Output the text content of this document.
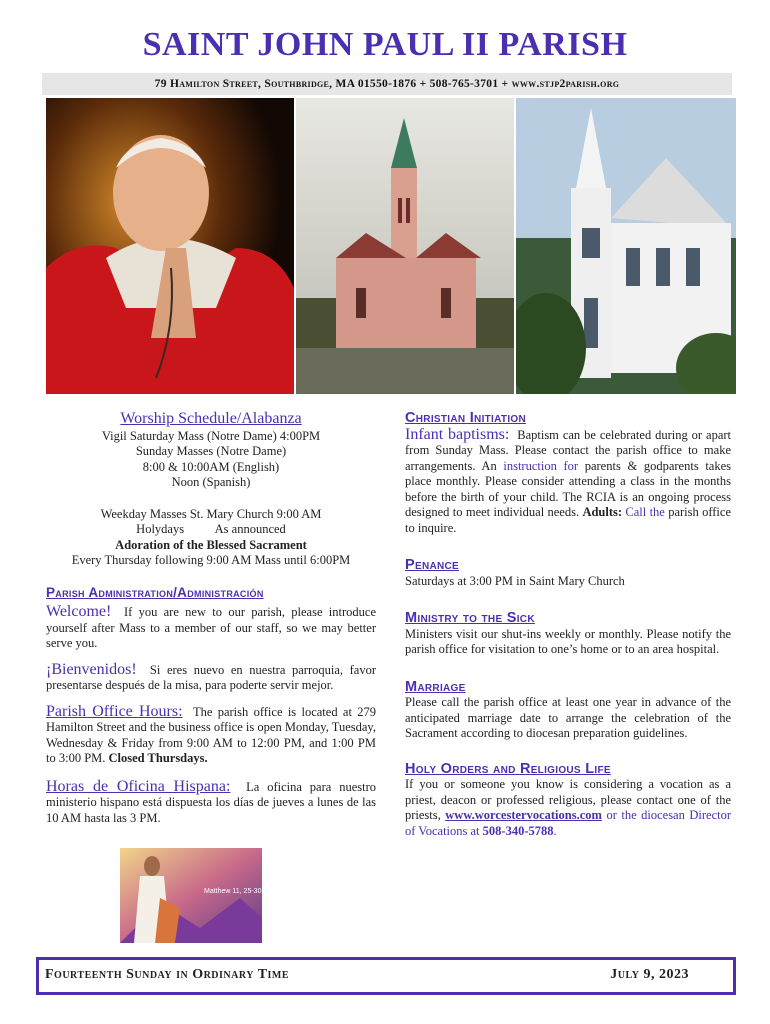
SAINT JOHN PAUL II PARISH
79 Hamilton Street, Southbridge, MA 01550-1876 + 508-765-3701 + www.stjp2parish.org
Worship Schedule/Alabanza
Vigil Saturday Mass (Notre Dame) 4:00PM
Sunday Masses (Notre Dame)
8:00 & 10:00AM (English)
Noon (Spanish)
Weekday Masses St. Mary Church 9:00 AM
Holydays          As announced
Adoration of the Blessed Sacrament
Every Thursday following 9:00 AM Mass until 6:00PM
Parish Administration/Administración
Welcome! If you are new to our parish, please introduce yourself after Mass to a member of our staff, so we may better serve you.
¡Bienvenidos! Si eres nuevo en nuestra parroquia, favor presentarse después de la misa, para poderte servir mejor.
Parish Office Hours: The parish office is located at 279 Hamilton Street and the business office is open Monday, Tuesday, Wednesday & Friday from 9:00 AM to 12:00 PM, and 1:00 PM to 3:00 PM. Closed Thursdays.
Horas de Oficina Hispana: La oficina para nuestro ministerio hispano está dispuesta los días de jueves a lunes de las 10 AM hasta las 3 PM.
Matthew 11, 25-30
Christian Initiation
Infant baptisms: Baptism can be celebrated during or apart from Sunday Mass. Please contact the parish office to make arrangements. An instruction for parents & godparents takes place monthly. Please consider attending a class in the months before the birth of your child. The RCIA is an ongoing process designed to meet individual needs. Adults: Call the parish office to inquire.
Penance
Saturdays at 3:00 PM in Saint Mary Church
Ministry to the Sick
Ministers visit our shut-ins weekly or monthly. Please notify the parish office for visitation to one’s home or to an area hospital.
Marriage
Please call the parish office at least one year in advance of the anticipated marriage date to arrange the celebration of the Sacrament according to diocesan preparation guidelines.
Holy Orders and Religious Life
If you or someone you know is considering a vocation as a priest, deacon or professed religious, please contact one of the priests, www.worcestervocations.com or the diocesan Director of Vocations at 508-340-5788.
Fourteenth Sunday in Ordinary Time	July 9, 2023
